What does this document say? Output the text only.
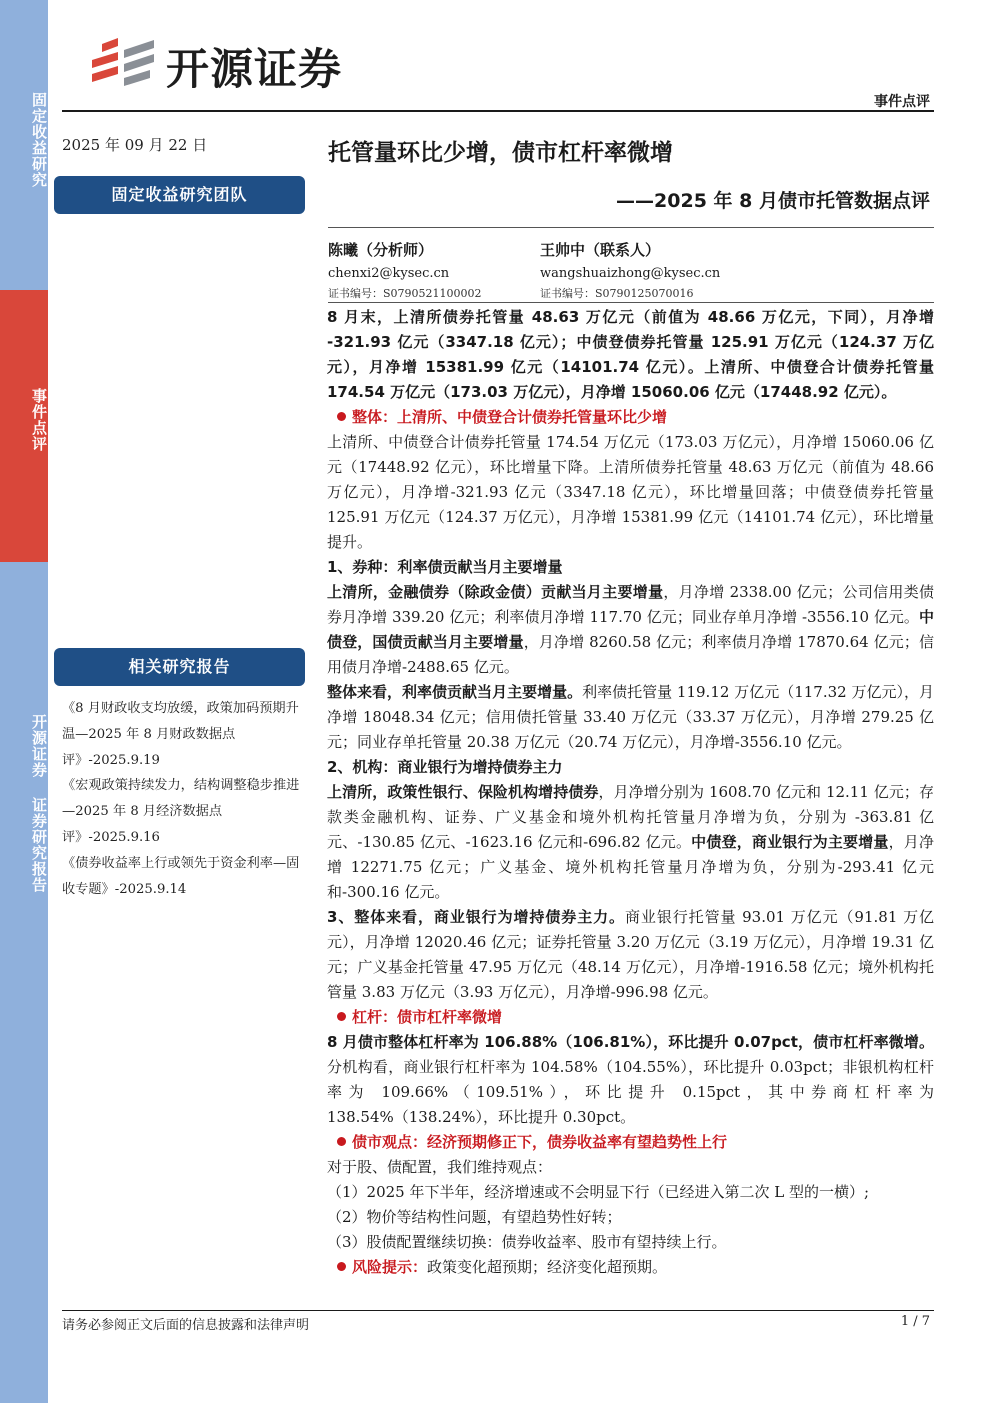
固定收益研究
事件点评
开源证券 证券研究报告
开源证券
事件点评
2025 年 09 月 22 日
固定收益研究团队
相关研究报告
《8 月财政收支均放缓，政策加码预期升温—2025 年 8 月财政数据点评》-2025.9.19
《宏观政策持续发力，结构调整稳步推进—2025 年 8 月经济数据点评》-2025.9.16
《债券收益率上行或领先于资金利率—固收专题》-2025.9.14
托管量环比少增，债市杠杆率微增
——2025 年 8 月债市托管数据点评
陈曦（分析师）
chenxi2@kysec.cn
证书编号：S0790521100002
王帅中（联系人）
wangshuaizhong@kysec.cn
证书编号：S0790125070016
8 月末，上清所债券托管量 48.63 万亿元（前值为 48.66 万亿元，下同），月净增 -321.93 亿元（3347.18 亿元）；中债登债券托管量 125.91 万亿元（124.37 万亿元），月净增 15381.99 亿元（14101.74 亿元）。上清所、中债登合计债券托管量 174.54 万亿元（173.03 万亿元），月净增 15060.06 亿元（17448.92 亿元）。
整体：上清所、中债登合计债券托管量环比少增
上清所、中债登合计债券托管量 174.54 万亿元（173.03 万亿元），月净增 15060.06 亿元（17448.92 亿元），环比增量下降。上清所债券托管量 48.63 万亿元（前值为 48.66 万亿元），月净增-321.93 亿元（3347.18 亿元），环比增量回落；中债登债券托管量 125.91 万亿元（124.37 万亿元），月净增 15381.99 亿元（14101.74 亿元），环比增量提升。
1、券种：利率债贡献当月主要增量
上清所，金融债券（除政金债）贡献当月主要增量，月净增 2338.00 亿元；公司信用类债券月净增 339.20 亿元；利率债月净增 117.70 亿元；同业存单月净增 -3556.10 亿元。中债登，国债贡献当月主要增量，月净增 8260.58 亿元；利率债月净增 17870.64 亿元；信用债月净增-2488.65 亿元。
整体来看，利率债贡献当月主要增量。利率债托管量 119.12 万亿元（117.32 万亿元），月净增 18048.34 亿元；信用债托管量 33.40 万亿元（33.37 万亿元），月净增 279.25 亿元；同业存单托管量 20.38 万亿元（20.74 万亿元），月净增-3556.10 亿元。
2、机构：商业银行为增持债券主力
上清所，政策性银行、保险机构增持债券，月净增分别为 1608.70 亿元和 12.11 亿元；存款类金融机构、证券、广义基金和境外机构托管量月净增为负，分别为 -363.81 亿元、-130.85 亿元、-1623.16 亿元和-696.82 亿元。中债登，商业银行为主要增量，月净增 12271.75 亿元；广义基金、境外机构托管量月净增为负，分别为-293.41 亿元和-300.16 亿元。
3、整体来看，商业银行为增持债券主力。商业银行托管量 93.01 万亿元（91.81 万亿元），月净增 12020.46 亿元；证券托管量 3.20 万亿元（3.19 万亿元），月净增 19.31 亿元；广义基金托管量 47.95 万亿元（48.14 万亿元），月净增-1916.58 亿元；境外机构托管量 3.83 万亿元（3.93 万亿元），月净增-996.98 亿元。
杠杆：债市杠杆率微增
8 月债市整体杠杆率为 106.88%（106.81%），环比提升 0.07pct，债市杠杆率微增。分机构看，商业银行杠杆率为 104.58%（104.55%），环比提升 0.03pct；非银机构杠杆率为 109.66%（109.51%），环比提升 0.15pct，其中券商杠杆率为 138.54%（138.24%），环比提升 0.30pct。
债市观点：经济预期修正下，债券收益率有望趋势性上行
对于股、债配置，我们维持观点：
（1）2025 年下半年，经济增速或不会明显下行（已经进入第二次 L 型的一横）;
（2）物价等结构性问题，有望趋势性好转；
（3）股债配置继续切换：债券收益率、股市有望持续上行。
风险提示：政策变化超预期；经济变化超预期。
请务必参阅正文后面的信息披露和法律声明	1 / 7
